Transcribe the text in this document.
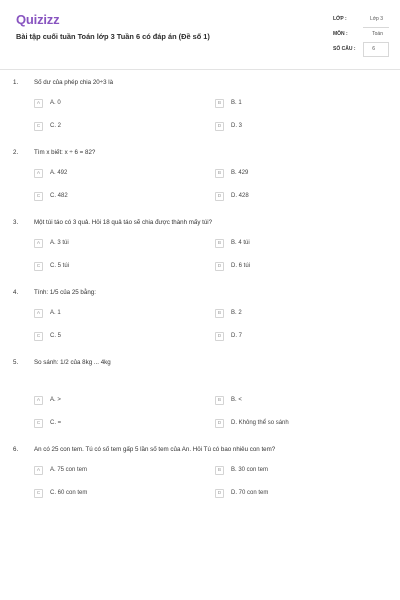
Quizizz
Bài tập cuối tuần Toán lớp 3 Tuần 6 có đáp án (Đề số 1)
LỚP :	Lớp 3
MÔN :	Toán
SỐ CÂU :	6
1.	Số dư của phép chia 20÷3 là
A	A. 0	B	B. 1
C	C. 2	D	D. 3
2.	Tìm x biết: x ÷ 6 = 82?
A	A. 492	B	B. 429
C	C. 482	D	D. 428
3.	Một túi táo có 3 quả. Hỏi 18 quả táo sẽ chia được thành mấy túi?
A	A. 3 túi	B	B. 4 túi
C	C. 5 túi	D	D. 6 túi
4.	Tính: 1/5 của 25 bằng:
A	A. 1	B	B. 2
C	C. 5	D	D. 7
5.	So sánh: 1/2 của 8kg ... 4kg
A	A. >	B	B. <
C	C. =	D	D. Không thể so sánh
6.	An có 25 con tem. Tú có số tem gấp 5 lần số tem của An. Hỏi Tú có bao nhiêu con tem?
A	A. 75 con tem	B	B. 30 con tem
C	C. 60 con tem	D	D. 70 con tem
